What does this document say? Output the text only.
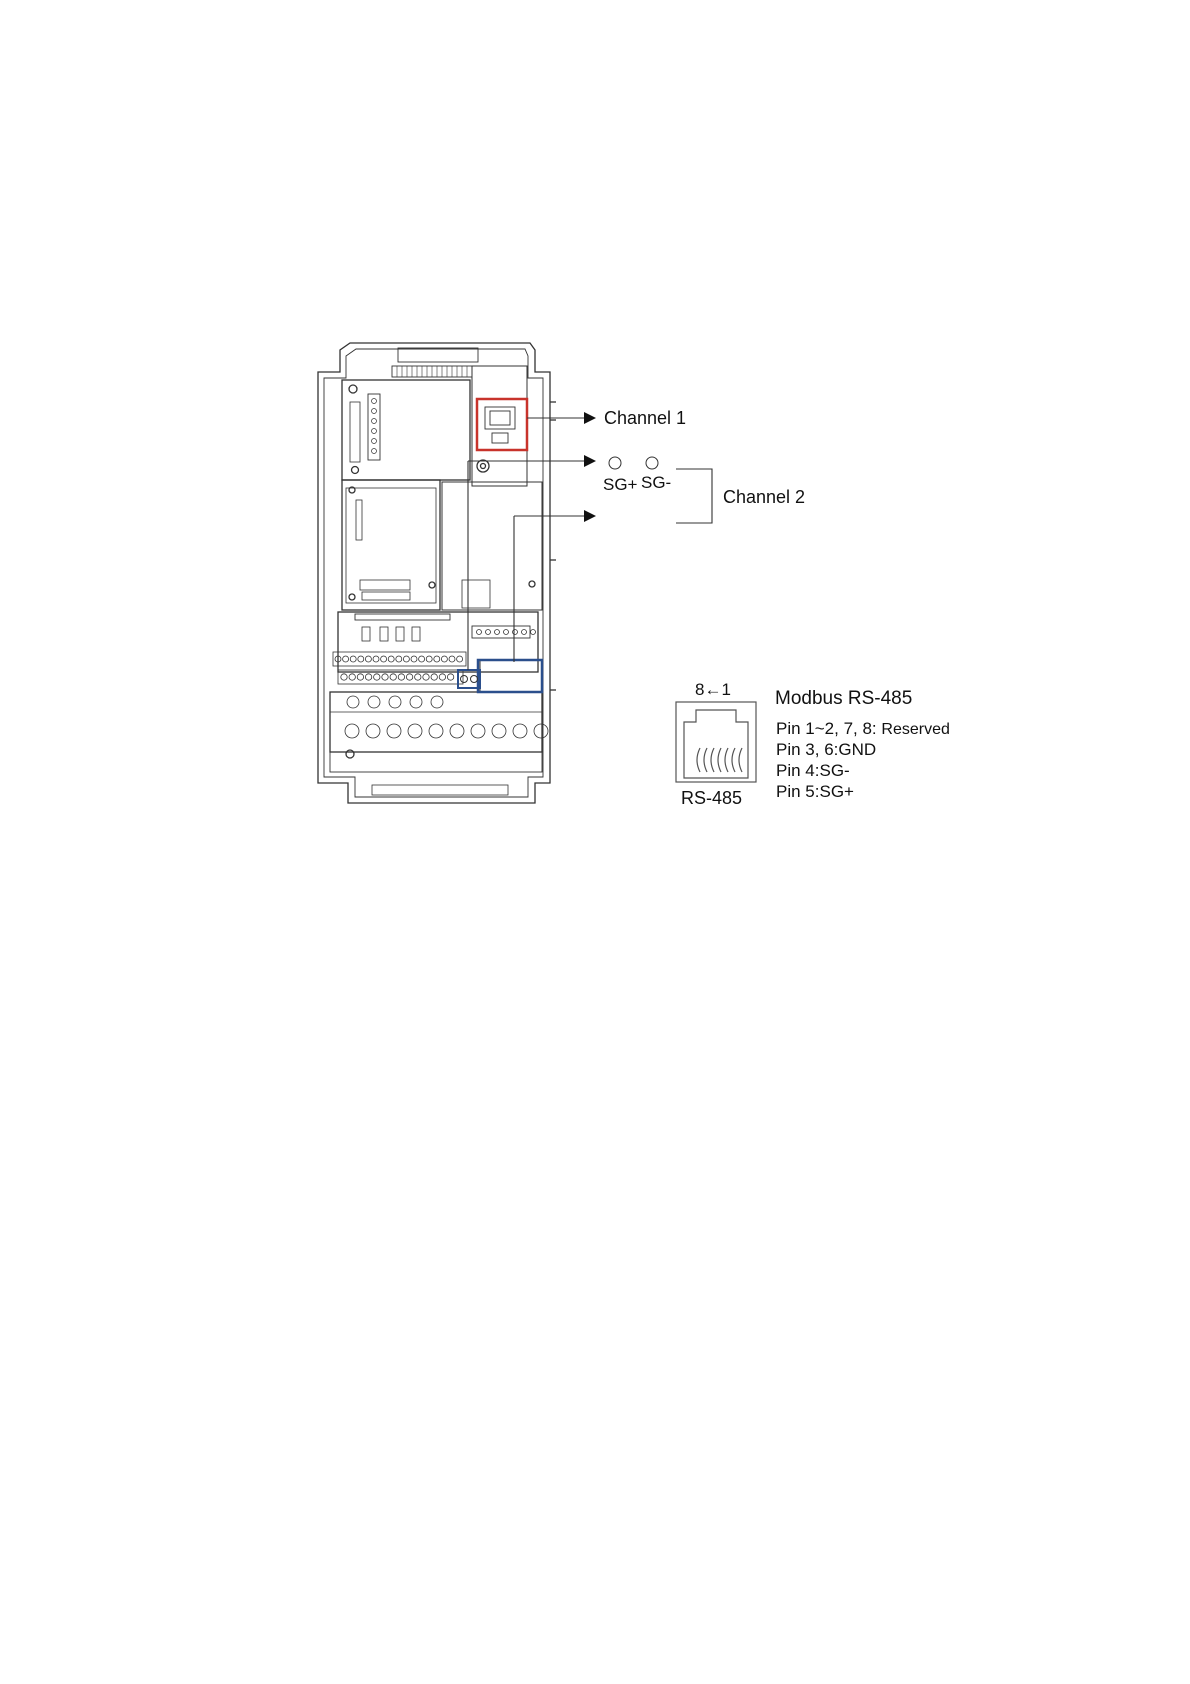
Channel 1
SG+ SG-
Channel 2
8←1
RS-485
Modbus RS-485
Pin 1~2, 7, 8: Reserved
Pin 3, 6:GND
Pin 4:SG-
Pin 5:SG+
